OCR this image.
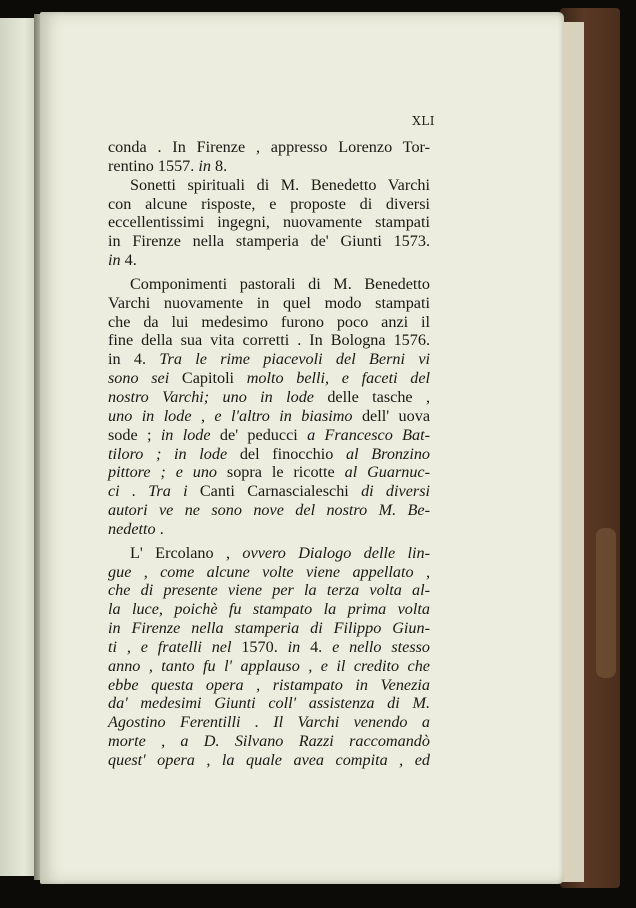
XLI
conda . In Firenze , appresso Lorenzo Tor-
rentino 1557. in 8.
Sonetti spirituali di M. Benedetto Varchi
con alcune risposte, e proposte di diversi
eccellentissimi ingegni, nuovamente stampati
in Firenze nella stamperia de' Giunti 1573.
in 4.
Componimenti pastorali di M. Benedetto
Varchi nuovamente in quel modo stampati
che da lui medesimo furono poco anzi il
fine della sua vita corretti . In Bologna 1576.
in 4. Tra le rime piacevoli del Berni vi
sono sei Capitoli molto belli, e faceti del
nostro Varchi; uno in lode delle tasche ,
uno in lode , e l'altro in biasimo dell' uova
sode ; in lode de' peducci a Francesco Bat-
tiloro ; in lode del finocchio al Bronzino
pittore ; e uno sopra le ricotte al Guarnuc-
ci . Tra i Canti Carnascialeschi di diversi
autori ve ne sono nove del nostro M. Be-
nedetto .
L' Ercolano , ovvero Dialogo delle lin-
gue , come alcune volte viene appellato ,
che di presente viene per la terza volta al-
la luce, poichè fu stampato la prima volta
in Firenze nella stamperia di Filippo Giun-
ti , e fratelli nel 1570. in 4. e nello stesso
anno , tanto fu l' applauso , e il credito che
ebbe questa opera , ristampato in Venezia
da' medesimi Giunti coll' assistenza di M.
Agostino Ferentilli . Il Varchi venendo a
morte , a D. Silvano Razzi raccomandò
quest' opera , la quale avea compita , ed
